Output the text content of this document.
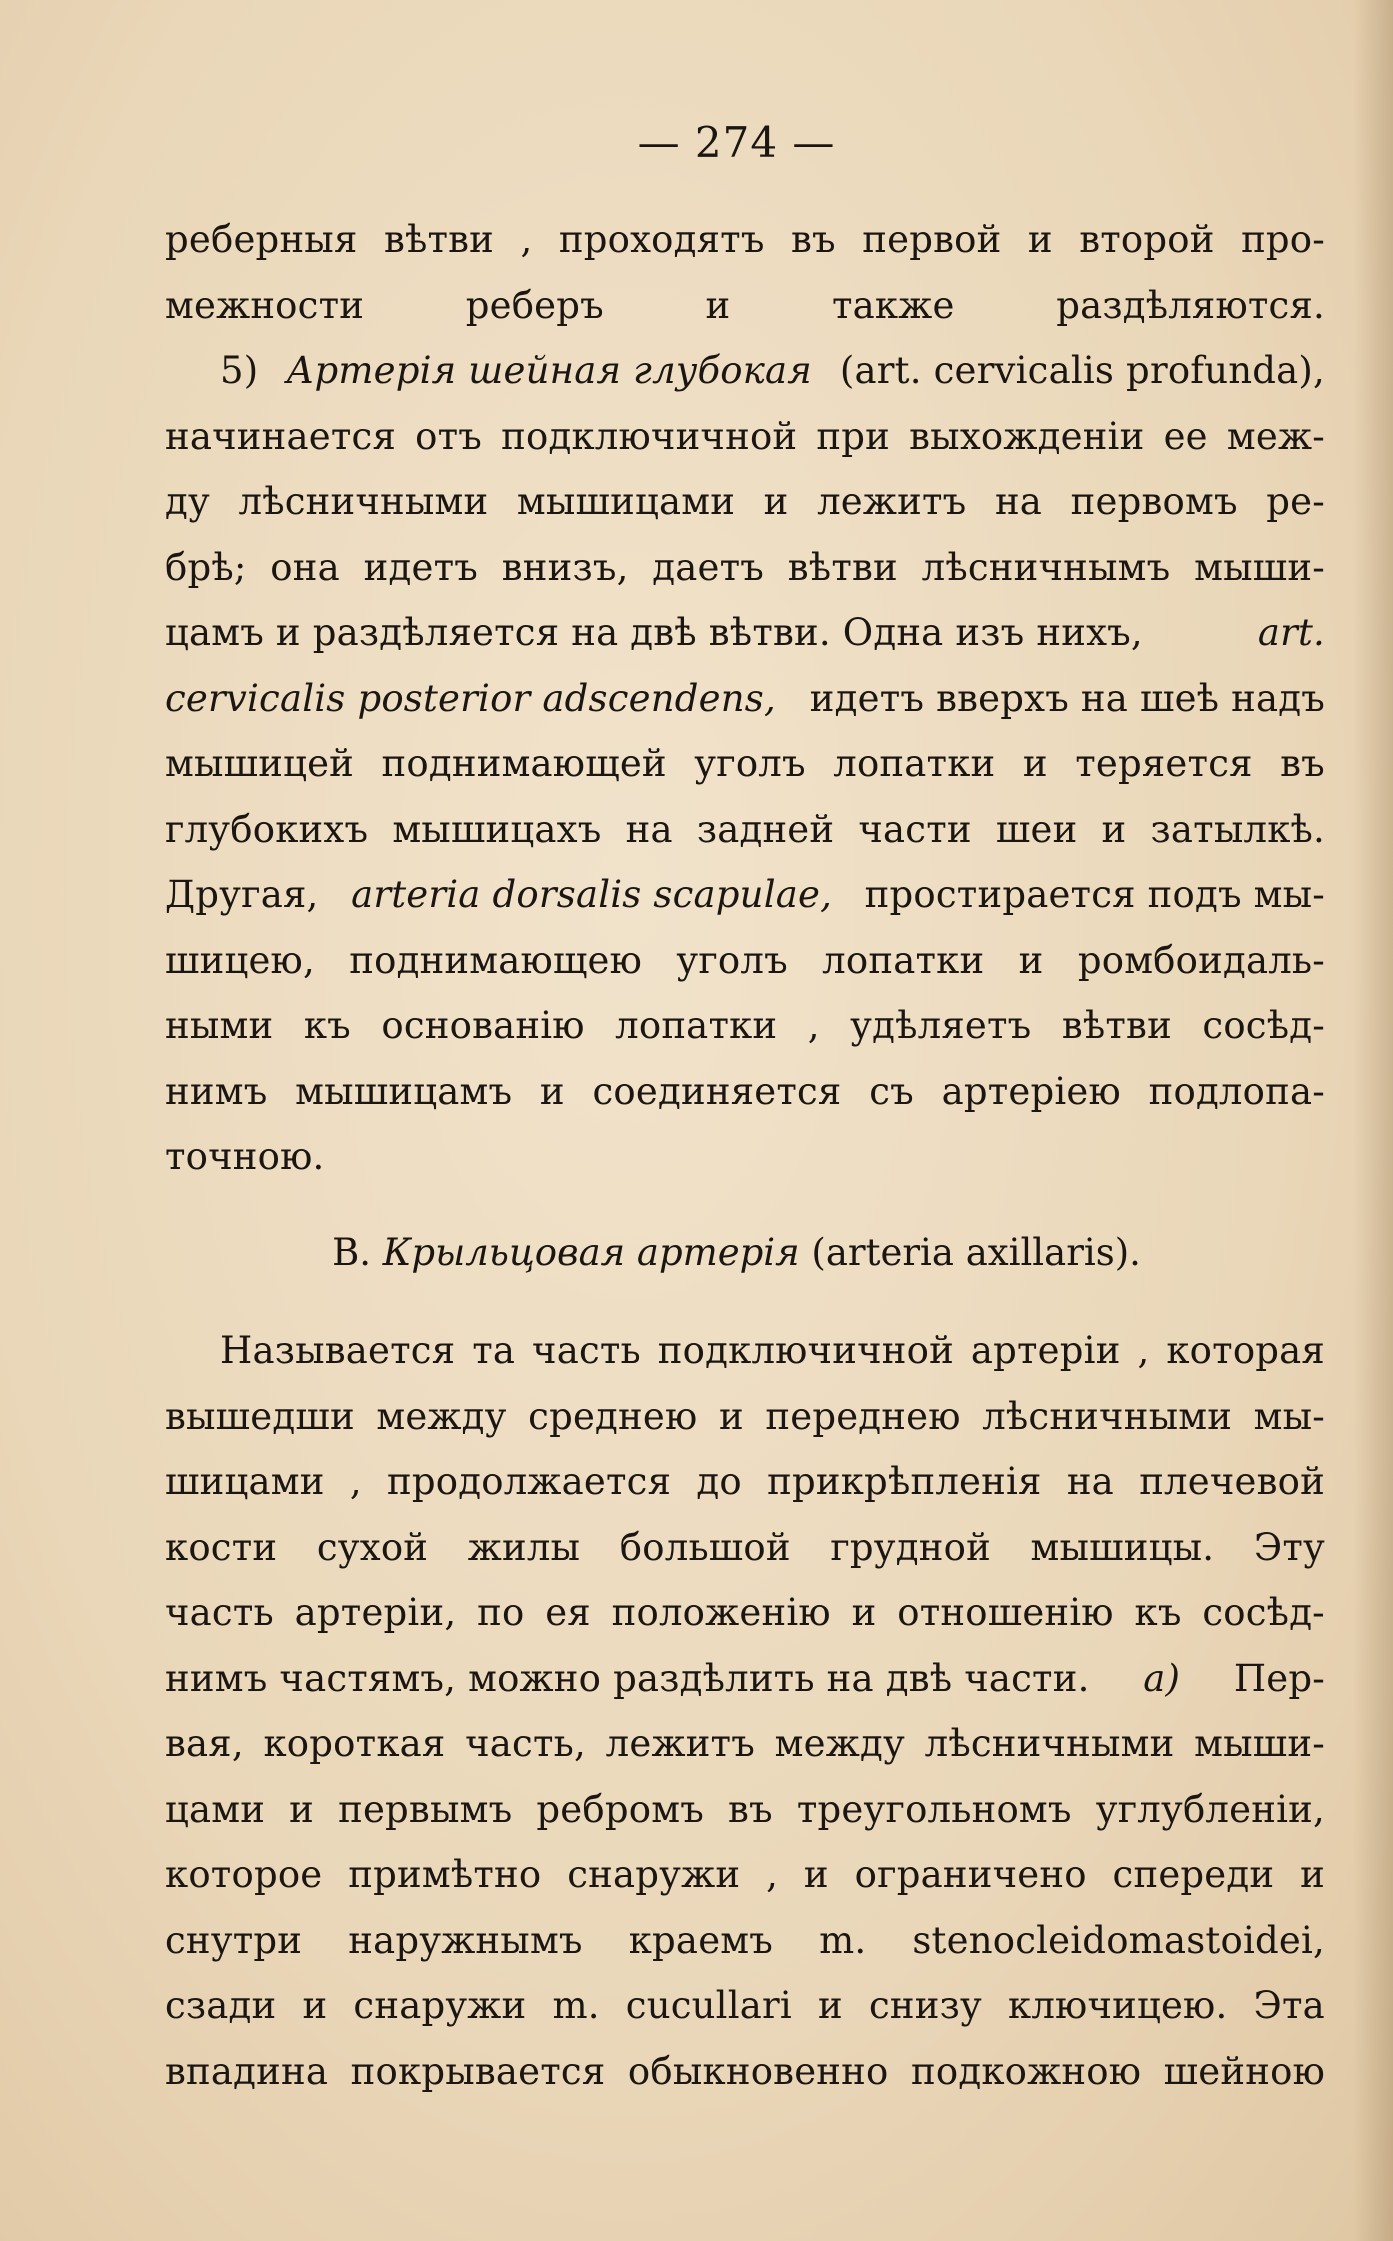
— 274 —
реберныя вѣтви , проходятъ въ первой и второй про-
межности	реберъ	и	также	раздѣляются.
5) Артерія шейная глубокая (art. cervicalis profunda),
начинается отъ подключичной при выхожденіи ее меж-
ду лѣсничными мышицами и лежитъ на первомъ ре-
брѣ; она идетъ внизъ, даетъ вѣтви лѣсничнымъ мыши-
цамъ и раздѣляется на двѣ вѣтви. Одна изъ нихъ,	art.
cervicalis posterior adscendens, идетъ вверхъ на шеѣ надъ
мышицей поднимающей уголъ лопатки и теряется въ
глубокихъ мышицахъ на задней части шеи и затылкѣ.
Другая, arteria dorsalis scapulae, простирается подъ мы-
шицею, поднимающею уголъ лопатки и ромбоидаль-
ными къ основанію лопатки , удѣляетъ вѣтви сосѣд-
нимъ мышицамъ и соединяется съ артеріею подлопа-
точною.
В. Крыльцовая артерія (arteria axillaris).
Называется та часть подключичной артеріи , которая
вышедши между среднею и переднею лѣсничными мы-
шицами , продолжается до прикрѣпленія на плечевой
кости сухой жилы большой грудной мышицы. Эту
часть артеріи, по ея положенію и отношенію къ сосѣд-
нимъ частямъ, можно раздѣлить на двѣ части. а) Пер-
вая, короткая часть, лежитъ между лѣсничными мыши-
цами и первымъ ребромъ въ треугольномъ углубленіи,
которое примѣтно снаружи , и ограничено спереди и
снутри наружнымъ краемъ m. stenocleidomastoidei,
сзади и снаружи m. cucullari и снизу ключицею. Эта
впадина покрывается обыкновенно подкожною шейною
